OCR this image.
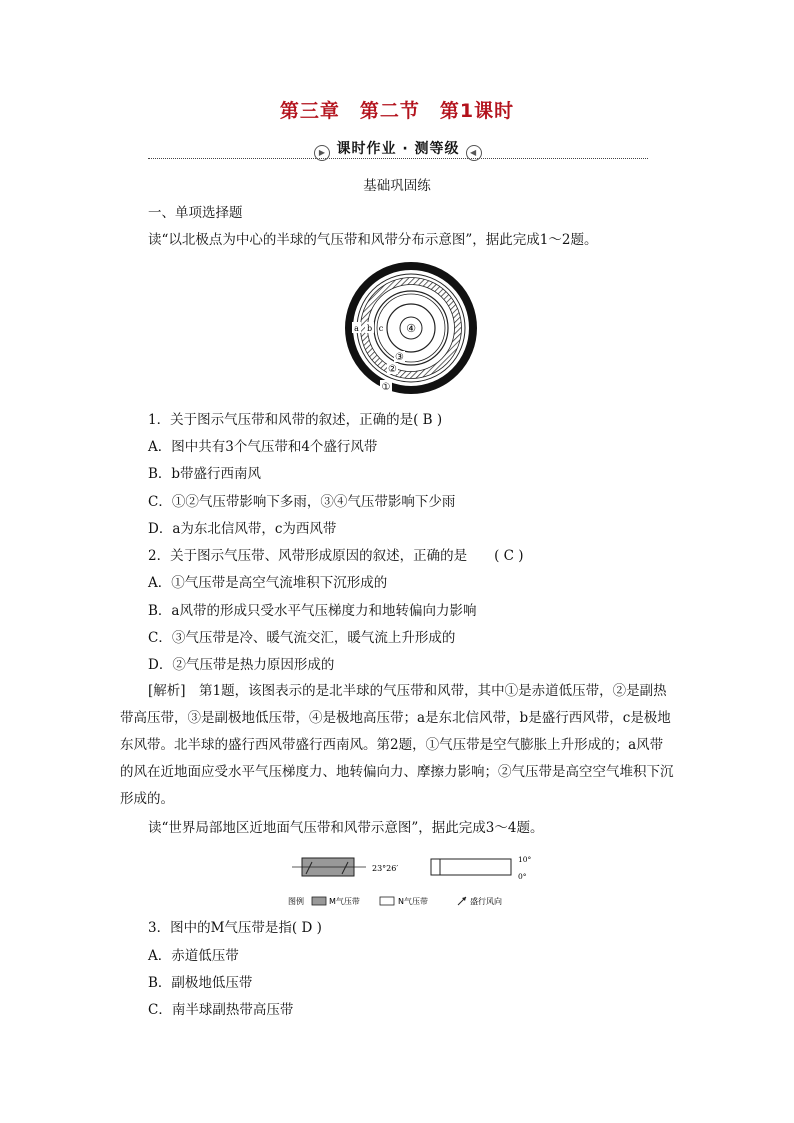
第三章　第二节　第1课时
▶ 课时作业 · 测等级 ◀
基础巩固练
一、单项选择题
读“以北极点为中心的半球的气压带和风带分布示意图”，据此完成1～2题。
a b c ④
③
②
①
1．关于图示气压带和风带的叙述，正确的是( B )
A．图中共有3个气压带和4个盛行风带
B．b带盛行西南风
C．①②气压带影响下多雨，③④气压带影响下少雨
D．a为东北信风带，c为西风带
2．关于图示气压带、风带形成原因的叙述，正确的是　　( C )
A．①气压带是高空气流堆积下沉形成的
B．a风带的形成只受水平气压梯度力和地转偏向力影响
C．③气压带是冷、暖气流交汇，暖气流上升形成的
D．②气压带是热力原因形成的
[解析]　第1题，该图表示的是北半球的气压带和风带，其中①是赤道低压带，②是副热带高压带，③是副极地低压带，④是极地高压带；a是东北信风带，b是盛行西风带，c是极地东风带。北半球的盛行西风带盛行西南风。第2题，①气压带是空气膨胀上升形成的；a风带的风在近地面应受水平气压梯度力、地转偏向力、摩擦力影响；②气压带是高空空气堆积下沉形成的。
读“世界局部地区近地面气压带和风带示意图”，据此完成3～4题。
23°26′
10°
0°
图例	M气压带	N气压带	盛行风向
3．图中的M气压带是指( D )
A．赤道低压带
B．副极地低压带
C．南半球副热带高压带
